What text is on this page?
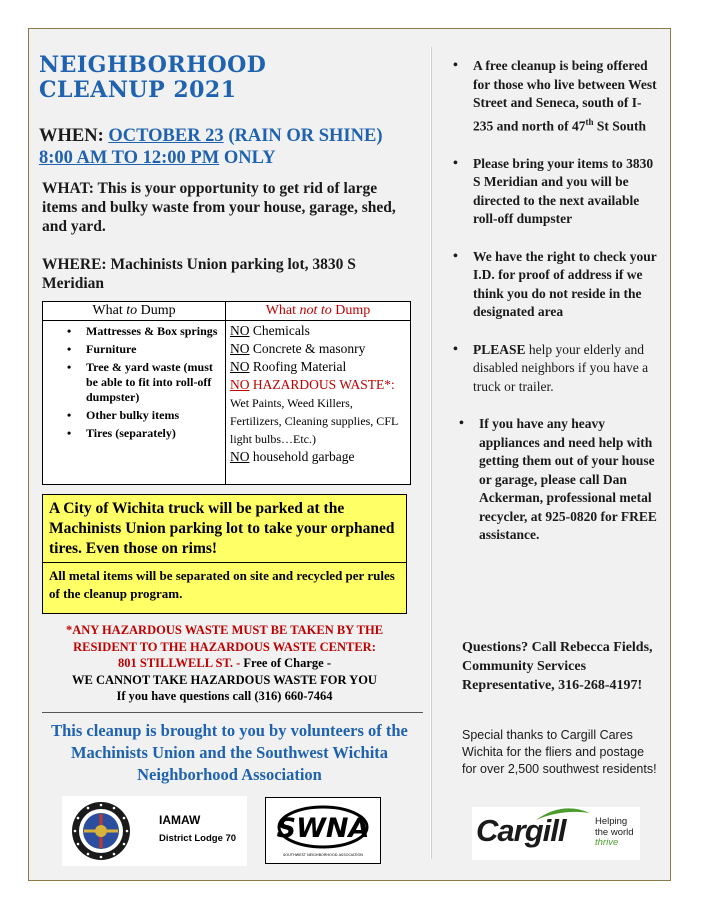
NEIGHBORHOOD
CLEANUP 2021
WHEN: OCTOBER 23 (RAIN OR SHINE) 8:00 AM TO 12:00 PM ONLY
WHAT: This is your opportunity to get rid of large items and bulky waste from your house, garage, shed, and yard.
WHERE: Machinists Union parking lot, 3830 S Meridian
What to Dump
• Mattresses & Box springs
• Furniture
• Tree & yard waste (must be able to fit into roll-off dumpster)
• Other bulky items
• Tires (separately)
What not to Dump
NO Chemicals
NO Concrete & masonry
NO Roofing Material
NO HAZARDOUS WASTE*: Wet Paints, Weed Killers, Fertilizers, Cleaning supplies, CFL light bulbs…Etc.)
NO household garbage
A City of Wichita truck will be parked at the Machinists Union parking lot to take your orphaned tires. Even those on rims!
All metal items will be separated on site and recycled per rules of the cleanup program.
*ANY HAZARDOUS WASTE MUST BE TAKEN BY THE RESIDENT TO THE HAZARDOUS WASTE CENTER:
801 STILLWELL ST. - Free of Charge -
WE CANNOT TAKE HAZARDOUS WASTE FOR YOU
If you have questions call (316) 660-7464
This cleanup is brought to you by volunteers of the Machinists Union and the Southwest Wichita Neighborhood Association
IAMAW
District Lodge 70 SWNA
SOUTHWEST NEIGHBORHOOD ASSOCIATION
• A free cleanup is being offered for those who live between West Street and Seneca, south of I-235 and north of 47th St South
• Please bring your items to 3830 S Meridian and you will be directed to the next available roll-off dumpster
• We have the right to check your I.D. for proof of address if we think you do not reside in the designated area
• PLEASE help your elderly and disabled neighbors if you have a truck or trailer.
• If you have any heavy appliances and need help with getting them out of your house or garage, please call Dan Ackerman, professional metal recycler, at 925-0820 for FREE assistance.
Questions? Call Rebecca Fields, Community Services Representative, 316-268-4197!
Special thanks to Cargill Cares Wichita for the fliers and postage for over 2,500 southwest residents!
Cargill	Helping
the world
thrive
